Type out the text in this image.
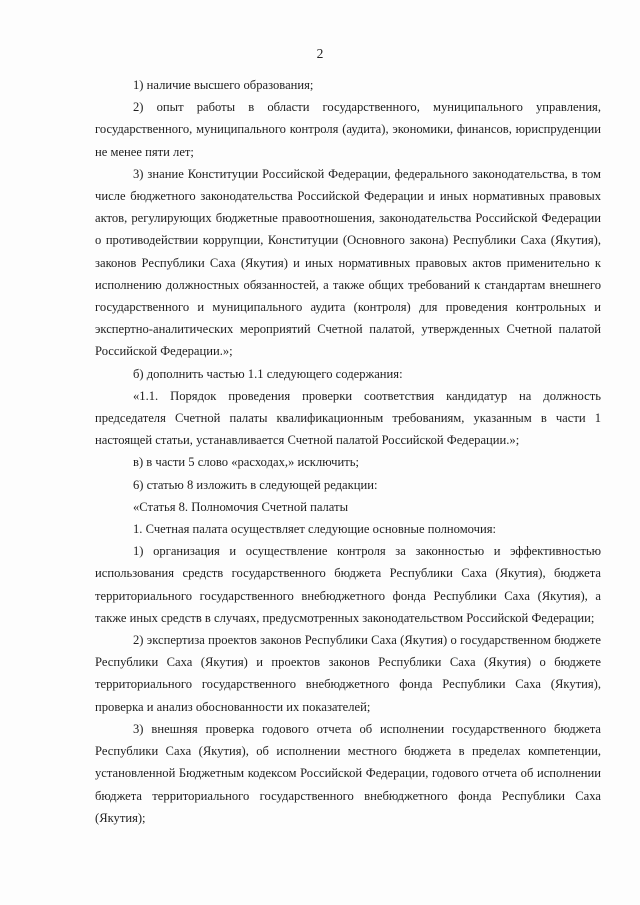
2

1) наличие высшего образования;

2) опыт работы в области государственного, муниципального управления, государственного, муниципального контроля (аудита), экономики, финансов, юриспруденции не менее пяти лет;

3) знание Конституции Российской Федерации, федерального законодательства, в том числе бюджетного законодательства Российской Федерации и иных нормативных правовых актов, регулирующих бюджетные правоотношения, законодательства Российской Федерации о противодействии коррупции, Конституции (Основного закона) Республики Саха (Якутия), законов Республики Саха (Якутия) и иных нормативных правовых актов применительно к исполнению должностных обязанностей, а также общих требований к стандартам внешнего государственного и муниципального аудита (контроля) для проведения контрольных и экспертно-аналитических мероприятий Счетной палатой, утвержденных Счетной палатой Российской Федерации.»;

б) дополнить частью 1.1 следующего содержания:

«1.1. Порядок проведения проверки соответствия кандидатур на должность председателя Счетной палаты квалификационным требованиям, указанным в части 1 настоящей статьи, устанавливается Счетной палатой Российской Федерации.»;

в) в части 5 слово «расходах,» исключить;

6) статью 8 изложить в следующей редакции:

«Статья 8. Полномочия Счетной палаты

1. Счетная палата осуществляет следующие основные полномочия:

1) организация и осуществление контроля за законностью и эффективностью использования средств государственного бюджета Республики Саха (Якутия), бюджета территориального государственного внебюджетного фонда Республики Саха (Якутия), а также иных средств в случаях, предусмотренных законодательством Российской Федерации;

2) экспертиза проектов законов Республики Саха (Якутия) о государственном бюджете Республики Саха (Якутия) и проектов законов Республики Саха (Якутия) о бюджете территориального государственного внебюджетного фонда Республики Саха (Якутия), проверка и анализ обоснованности их показателей;

3) внешняя проверка годового отчета об исполнении государственного бюджета Республики Саха (Якутия), об исполнении местного бюджета в пределах компетенции, установленной Бюджетным кодексом Российской Федерации, годового отчета об исполнении бюджета территориального государственного внебюджетного фонда Республики Саха (Якутия);
